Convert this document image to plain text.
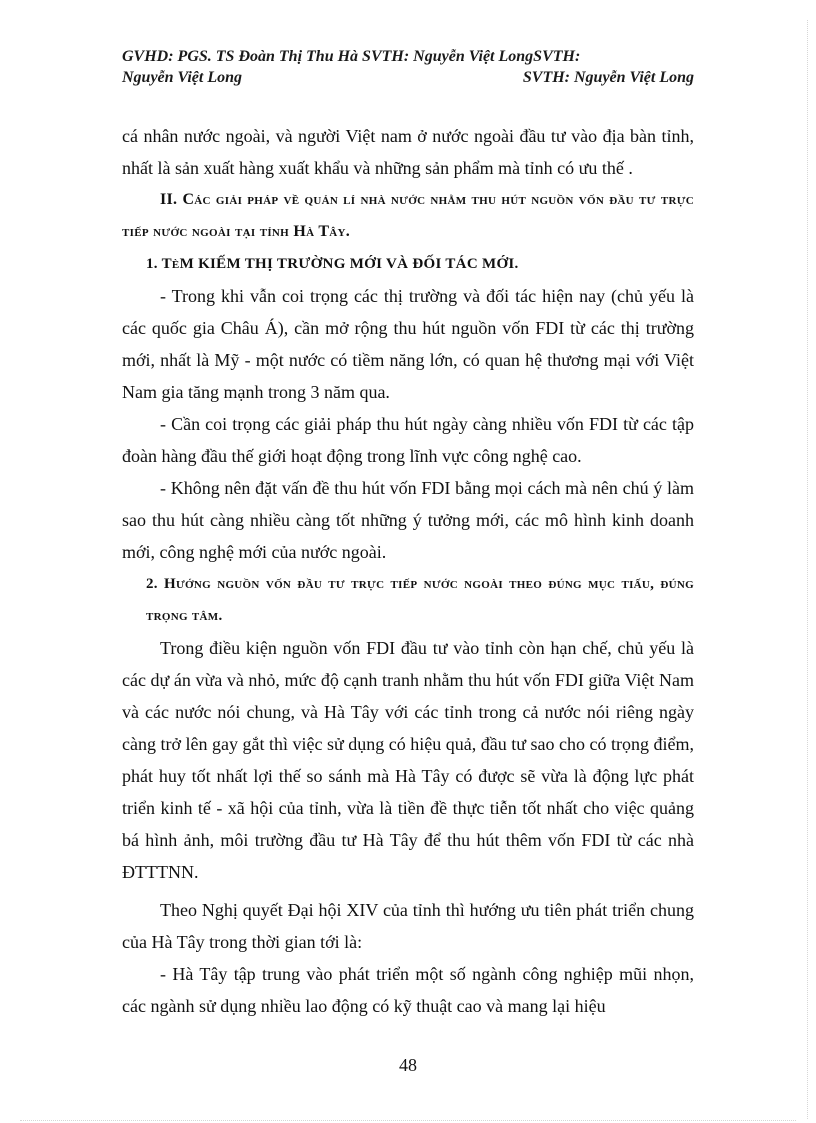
GVHD: PGS. TS Đoàn Thị Thu Hà SVTH: Nguyễn Việt LongSVTH:
Nguyễn Việt Long	SVTH: Nguyễn Việt Long

cá nhân nước ngoài, và người Việt nam ở nước ngoài đầu tư vào địa bàn tỉnh, nhất là sản xuất hàng xuất khẩu và những sản phẩm mà tỉnh có ưu thế .

II. Các giải pháp về quản lí nhà nước nhằm thu hút nguồn vốn đầu tư trực tiếp nước ngoài tại tỉnh Hà Tây.

1. TèM KIẾM THỊ TRƯỜNG MỚI VÀ ĐỐI TÁC MỚI.

- Trong khi vẫn coi trọng các thị trường và đối tác hiện nay (chủ yếu là các quốc gia Châu Á), cần mở rộng thu hút nguồn vốn FDI từ các thị trường mới, nhất là Mỹ - một nước có tiềm năng lớn, có quan hệ thương mại với Việt Nam gia tăng mạnh trong 3 năm qua.

- Cần coi trọng các giải pháp thu hút ngày càng nhiều vốn FDI từ các tập đoàn hàng đầu thế giới hoạt động trong lĩnh vực công nghệ cao.

- Không nên đặt vấn đề thu hút vốn FDI bằng mọi cách mà nên chú ý làm sao thu hút càng nhiều càng tốt những ý tưởng mới, các mô hình kinh doanh mới, công nghệ mới của nước ngoài.

2. Hướng nguồn vốn đầu tư trực tiếp nước ngoài theo đúng mục tiấu, đúng trọng tâm.

Trong điều kiện nguồn vốn FDI đầu tư vào tỉnh còn hạn chế, chủ yếu là các dự án vừa và nhỏ, mức độ cạnh tranh nhằm thu hút vốn FDI giữa Việt Nam và các nước nói chung, và Hà Tây với các tỉnh trong cả nước nói riêng ngày càng trở lên gay gắt thì việc sử dụng có hiệu quả, đầu tư sao cho có trọng điểm, phát huy tốt nhất lợi thế so sánh mà Hà Tây có được sẽ vừa là động lực phát triển kinh tế - xã hội của tỉnh, vừa là tiền đề thực tiễn tốt nhất cho việc quảng bá hình ảnh, môi trường đầu tư Hà Tây để thu hút thêm vốn FDI từ các nhà ĐTTTNN.

Theo Nghị quyết Đại hội XIV của tỉnh thì hướng ưu tiên phát triển chung của Hà Tây trong thời gian tới là:

- Hà Tây tập trung vào phát triển một số ngành công nghiệp mũi nhọn, các ngành sử dụng nhiều lao động có kỹ thuật cao và mang lại hiệu

48
